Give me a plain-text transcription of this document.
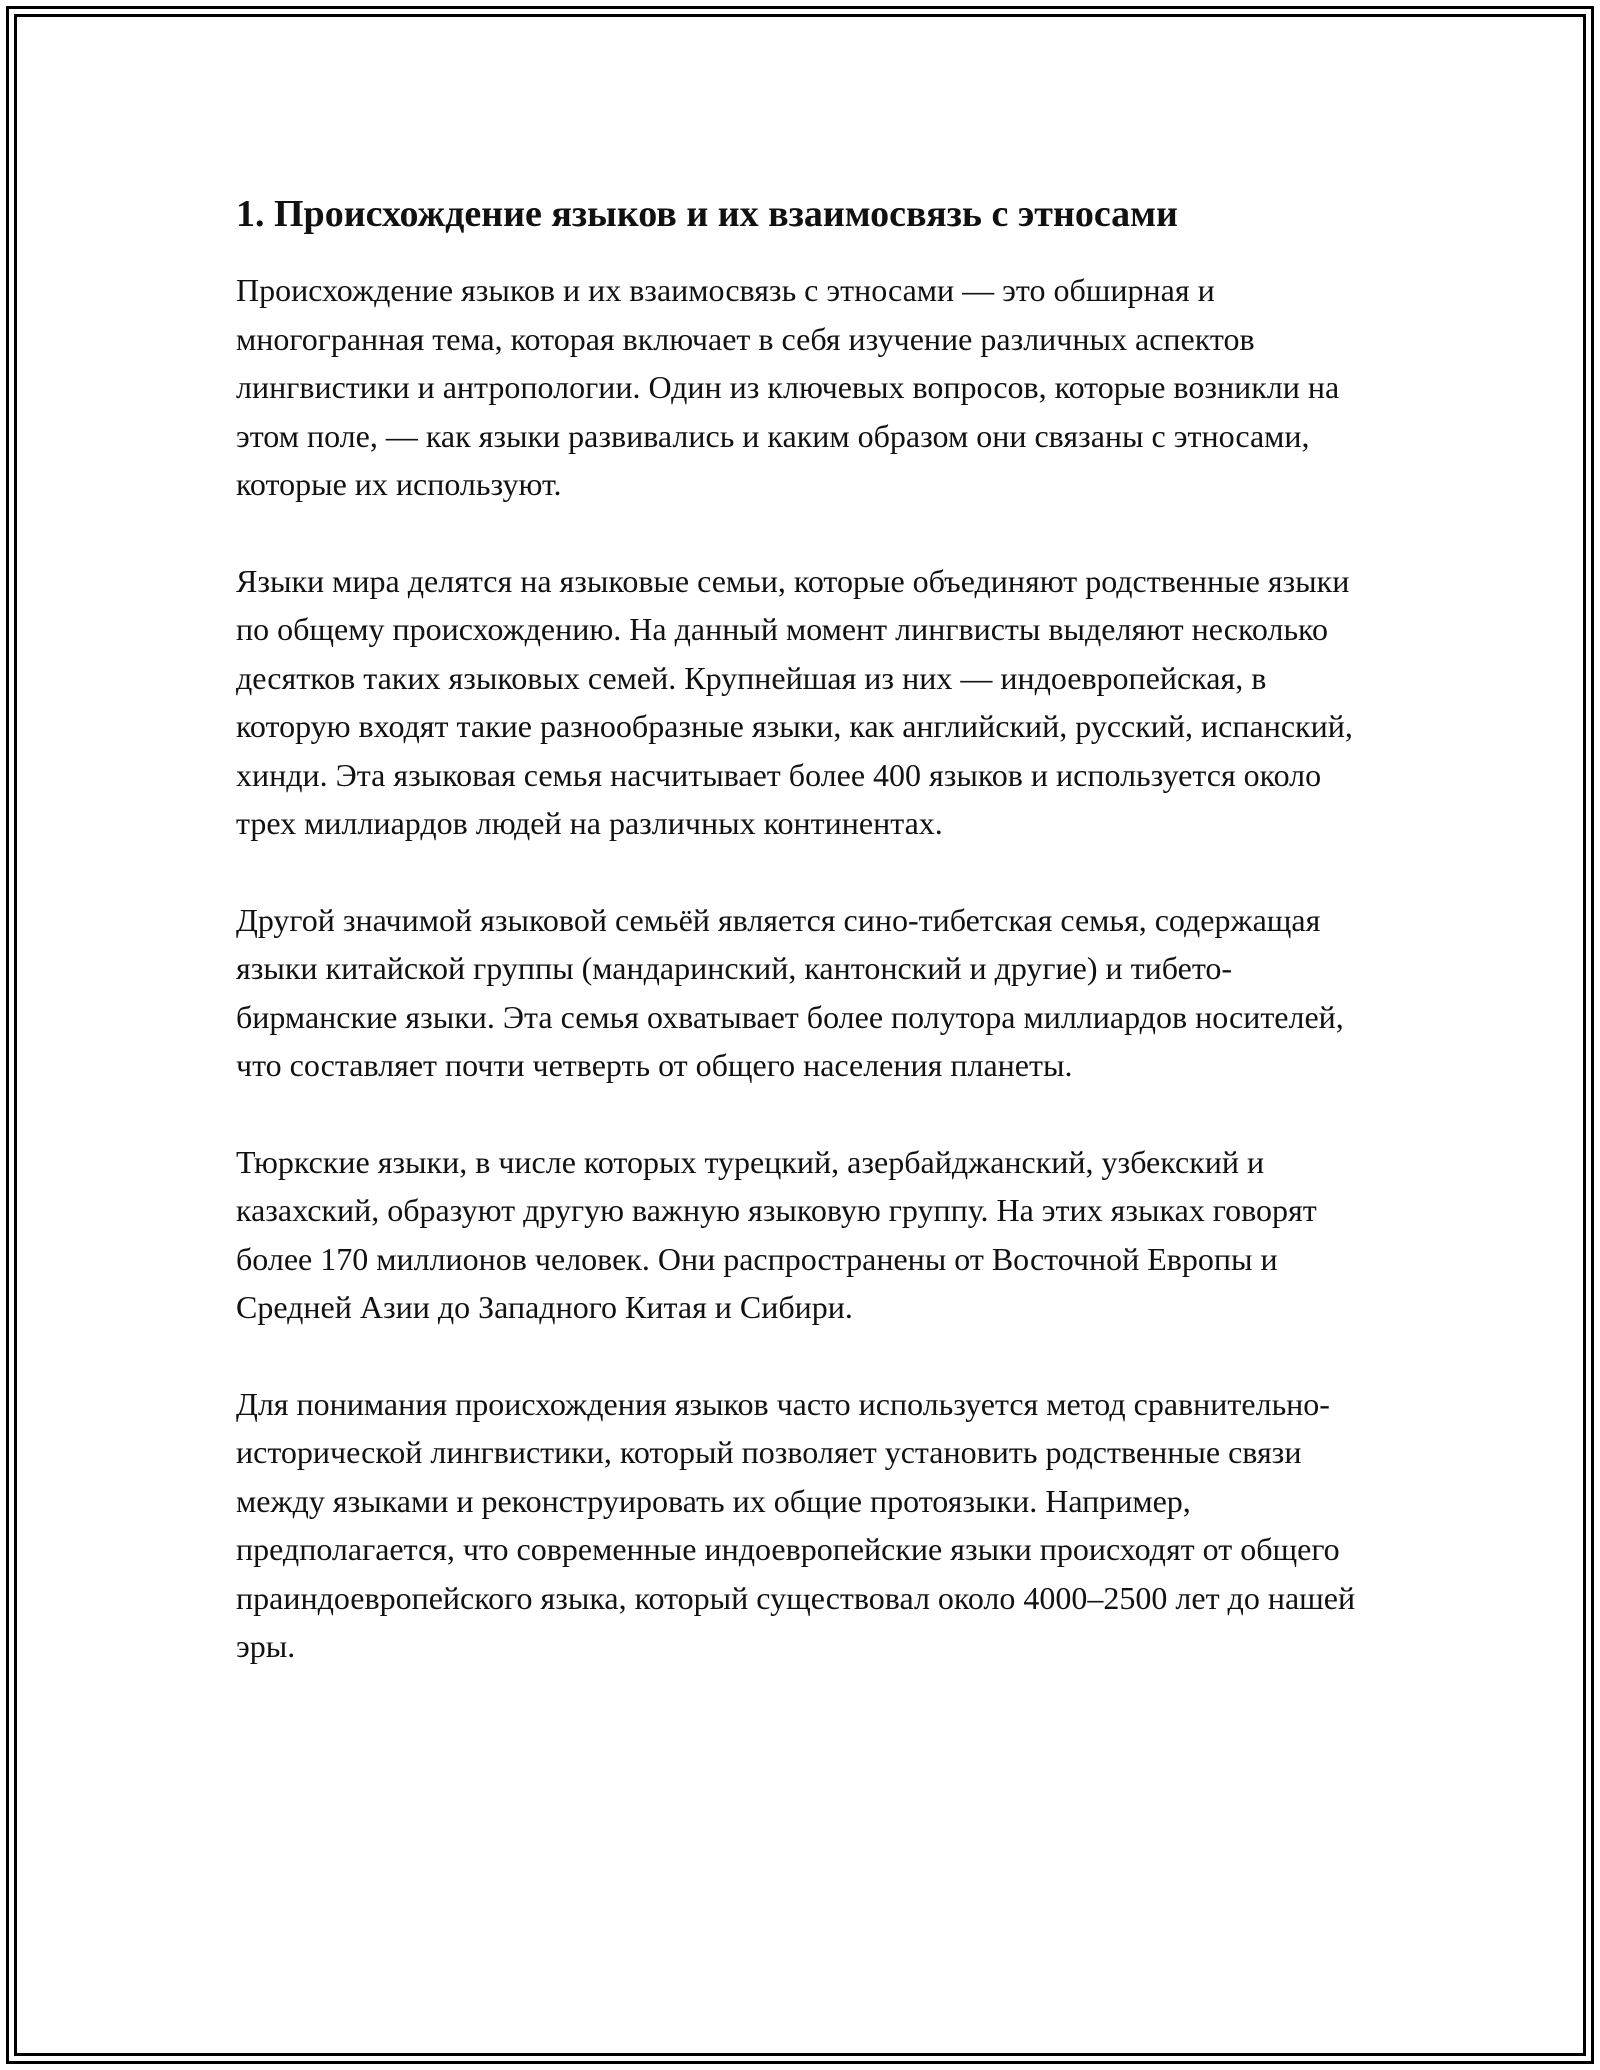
1. Происхождение языков и их взаимосвязь с этносами

Происхождение языков и их взаимосвязь с этносами — это обширная и многогранная тема, которая включает в себя изучение различных аспектов лингвистики и антропологии. Один из ключевых вопросов, которые возникли на этом поле, — как языки развивались и каким образом они связаны с этносами, которые их используют.

Языки мира делятся на языковые семьи, которые объединяют родственные языки по общему происхождению. На данный момент лингвисты выделяют несколько десятков таких языковых семей. Крупнейшая из них — индоевропейская, в которую входят такие разнообразные языки, как английский, русский, испанский, хинди. Эта языковая семья насчитывает более 400 языков и используется около трех миллиардов людей на различных континентах.

Другой значимой языковой семьёй является сино-тибетская семья, содержащая языки китайской группы (мандаринский, кантонский и другие) и тибето-бирманские языки. Эта семья охватывает более полутора миллиардов носителей, что составляет почти четверть от общего населения планеты.

Тюркские языки, в числе которых турецкий, азербайджанский, узбекский и казахский, образуют другую важную языковую группу. На этих языках говорят более 170 миллионов человек. Они распространены от Восточной Европы и Средней Азии до Западного Китая и Сибири.

Для понимания происхождения языков часто используется метод сравнительно-исторической лингвистики, который позволяет установить родственные связи между языками и реконструировать их общие протоязыки. Например, предполагается, что современные индоевропейские языки происходят от общего праиндоевропейского языка, который существовал около 4000–2500 лет до нашей эры.
